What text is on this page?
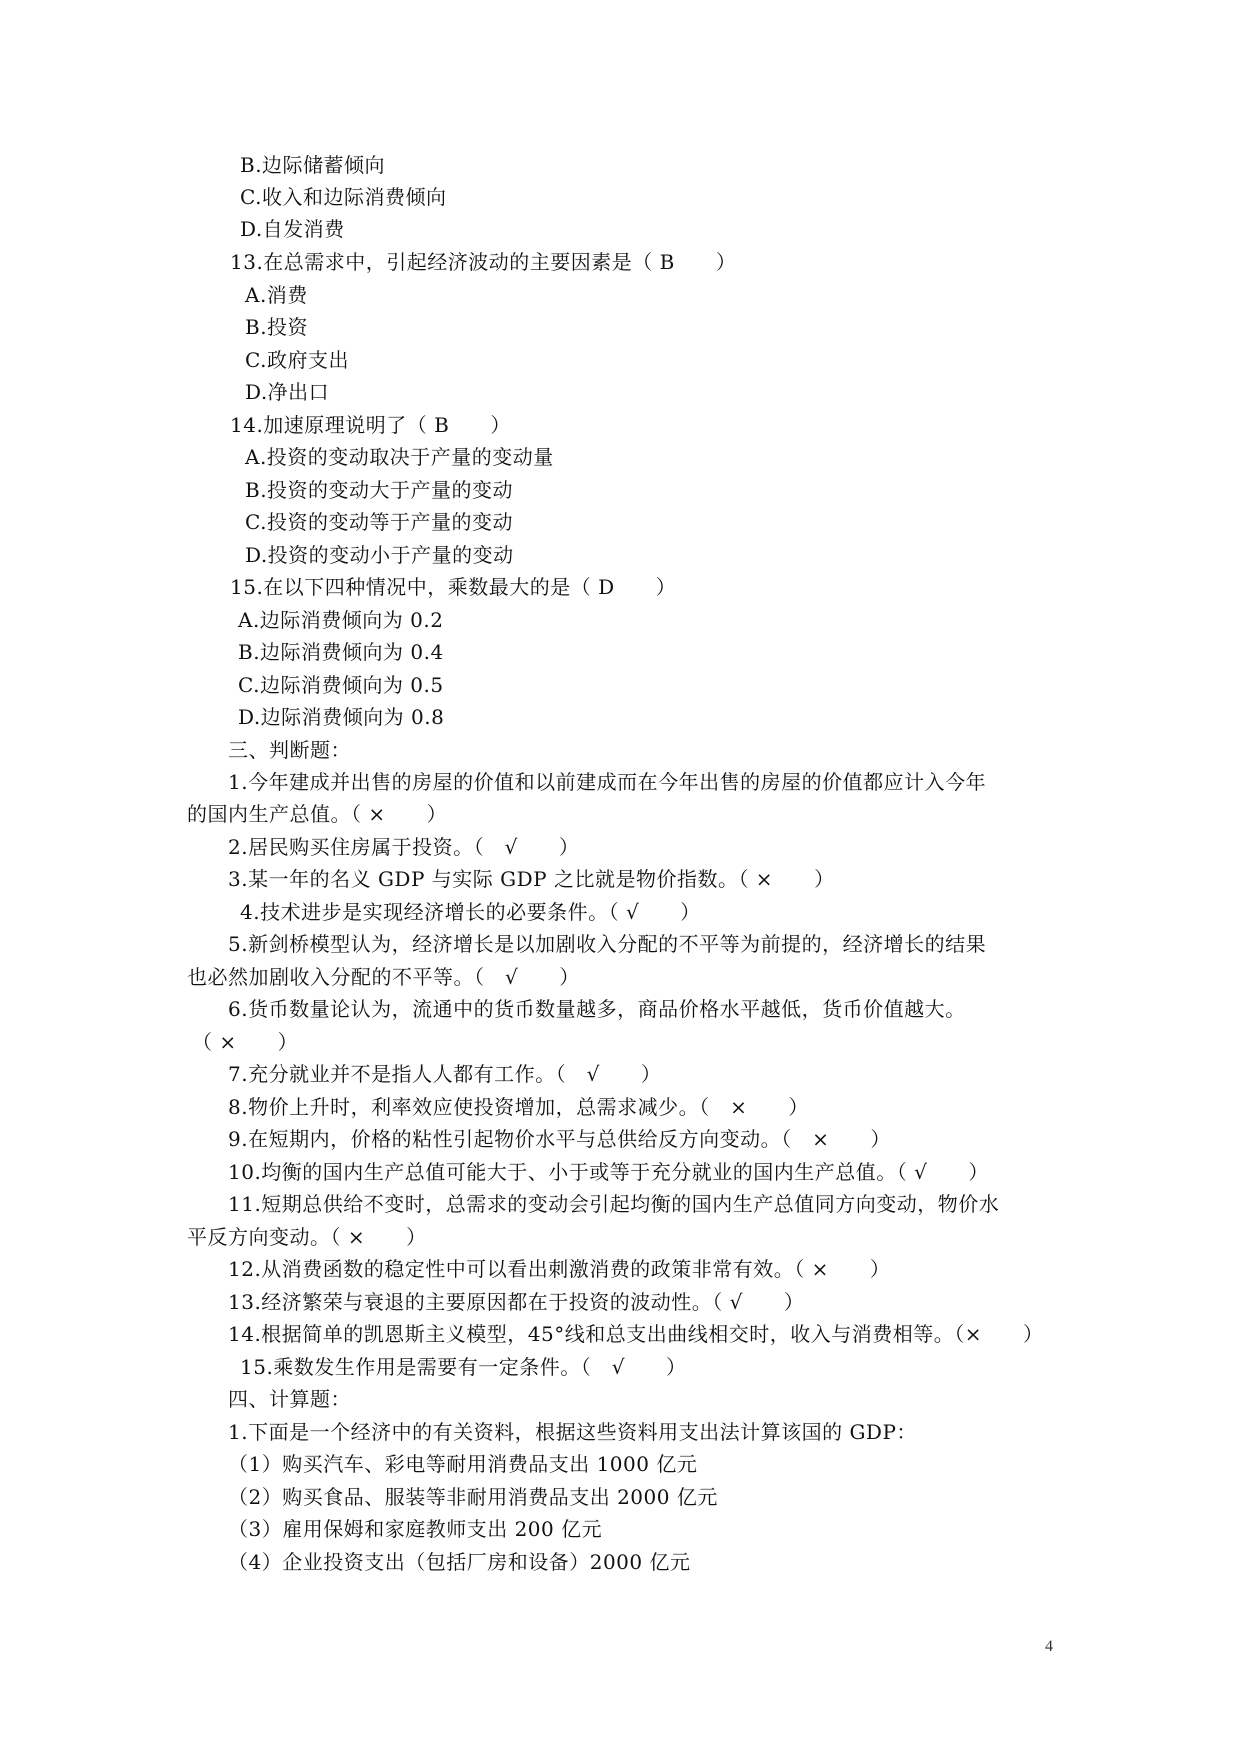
B.边际储蓄倾向
C.收入和边际消费倾向
D.自发消费
13.在总需求中，引起经济波动的主要因素是（ B　　）
A.消费
B.投资
C.政府支出
D.净出口
14.加速原理说明了（ B　　）
A.投资的变动取决于产量的变动量
B.投资的变动大于产量的变动
C.投资的变动等于产量的变动
D.投资的变动小于产量的变动
15.在以下四种情况中，乘数最大的是（ D　　）
A.边际消费倾向为 0.2
B.边际消费倾向为 0.4
C.边际消费倾向为 0.5
D.边际消费倾向为 0.8
三、判断题：
1.今年建成并出售的房屋的价值和以前建成而在今年出售的房屋的价值都应计入今年
的国内生产总值。（ ×　　）
2.居民购买住房属于投资。（　√　　）
3.某一年的名义 GDP 与实际 GDP 之比就是物价指数。（ ×　　）
4.技术进步是实现经济增长的必要条件。（ √　　）
5.新剑桥模型认为，经济增长是以加剧收入分配的不平等为前提的，经济增长的结果
也必然加剧收入分配的不平等。（　√　　）
6.货币数量论认为，流通中的货币数量越多，商品价格水平越低，货币价值越大。
（ ×　　）
7.充分就业并不是指人人都有工作。（　√　　）
8.物价上升时，利率效应使投资增加，总需求减少。（　×　　）
9.在短期内，价格的粘性引起物价水平与总供给反方向变动。（　×　　）
10.均衡的国内生产总值可能大于、小于或等于充分就业的国内生产总值。（ √　　）
11.短期总供给不变时，总需求的变动会引起均衡的国内生产总值同方向变动，物价水
平反方向变动。（ ×　　）
12.从消费函数的稳定性中可以看出刺激消费的政策非常有效。（ ×　　）
13.经济繁荣与衰退的主要原因都在于投资的波动性。（ √　　）
14.根据简单的凯恩斯主义模型，45°线和总支出曲线相交时，收入与消费相等。（×　　）
15.乘数发生作用是需要有一定条件。（　√　　）
四、计算题：
1.下面是一个经济中的有关资料，根据这些资料用支出法计算该国的 GDP：
（1）购买汽车、彩电等耐用消费品支出 1000 亿元
（2）购买食品、服装等非耐用消费品支出 2000 亿元
（3）雇用保姆和家庭教师支出 200 亿元
（4）企业投资支出（包括厂房和设备）2000 亿元
4
